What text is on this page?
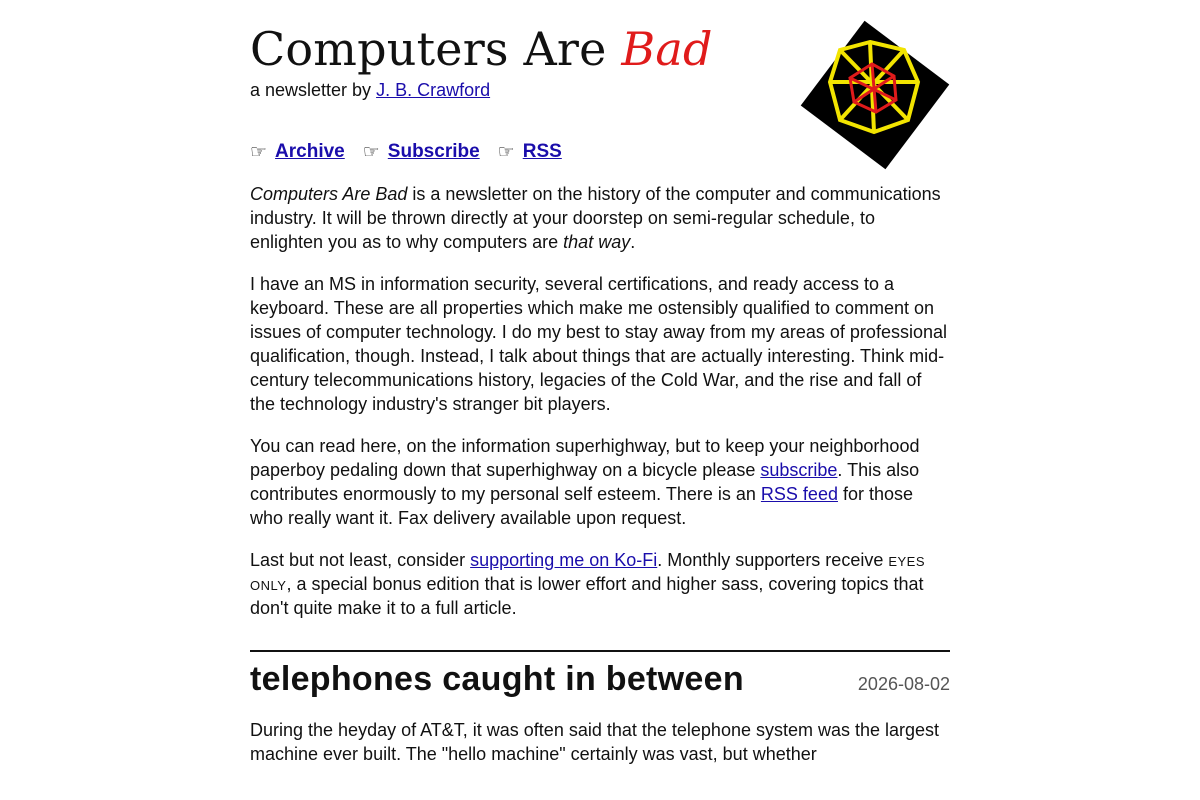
Computers Are Bad
a newsletter by J. B. Crawford
☞ Archive ☞ Subscribe ☞ RSS

Computers Are Bad is a newsletter on the history of the computer and communications industry. It will be thrown directly at your doorstep on semi-regular schedule, to enlighten you as to why computers are that way.

I have an MS in information security, several certifications, and ready access to a keyboard. These are all properties which make me ostensibly qualified to comment on issues of computer technology. I do my best to stay away from my areas of professional qualification, though. Instead, I talk about things that are actually interesting. Think mid-century telecommunications history, legacies of the Cold War, and the rise and fall of the technology industry's stranger bit players.

You can read here, on the information superhighway, but to keep your neighborhood paperboy pedaling down that superhighway on a bicycle please subscribe. This also contributes enormously to my personal self esteem. There is an RSS feed for those who really want it. Fax delivery available upon request.

Last but not least, consider supporting me on Ko-Fi. Monthly supporters receive eyes only, a special bonus edition that is lower effort and higher sass, covering topics that don't quite make it to a full article.

telephones caught in between	2026-08-02

During the heyday of AT&T, it was often said that the telephone system was the largest machine ever built. The "hello machine" certainly was vast, but whether
